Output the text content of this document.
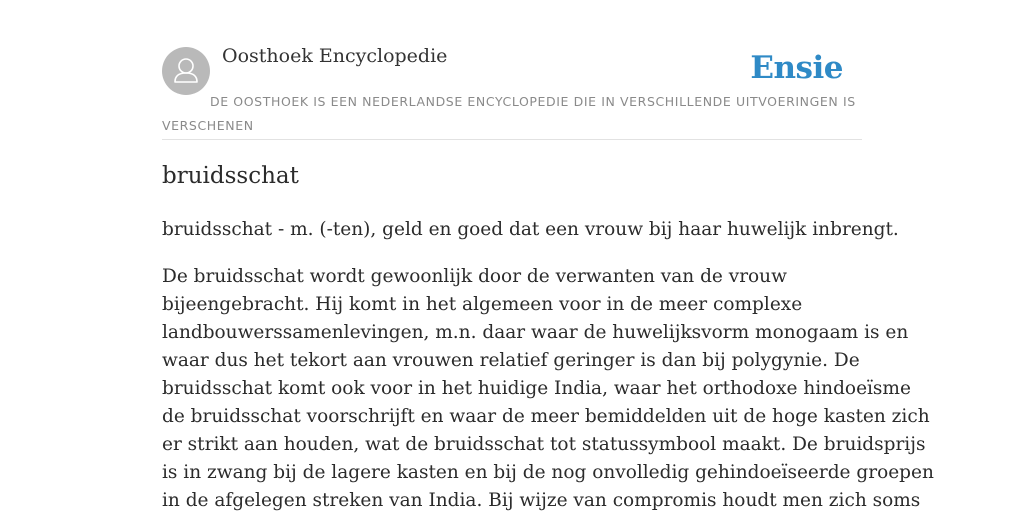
Oosthoek Encyclopedie	Ensie
DE OOSTHOEK IS EEN NEDERLANDSE ENCYCLOPEDIE DIE IN VERSCHILLENDE UITVOERINGEN IS VERSCHENEN
bruidsschat

bruidsschat - m. (-ten), geld en goed dat een vrouw bij haar huwelijk inbrengt.

De bruidsschat wordt gewoonlijk door de verwanten van de vrouw
bijeengebracht. Hij komt in het algemeen voor in de meer complexe
landbouwerssamenlevingen, m.n. daar waar de huwelijksvorm monogaam is en
waar dus het tekort aan vrouwen relatief geringer is dan bij polygynie. De
bruidsschat komt ook voor in het huidige India, waar het orthodoxe hindoeïsme
de bruidsschat voorschrijft en waar de meer bemiddelden uit de hoge kasten zich
er strikt aan houden, wat de bruidsschat tot statussymbool maakt. De bruidsprijs
is in zwang bij de lagere kasten en bij de nog onvolledig gehindoeïseerde groepen
in de afgelegen streken van India. Bij wijze van compromis houdt men zich soms
